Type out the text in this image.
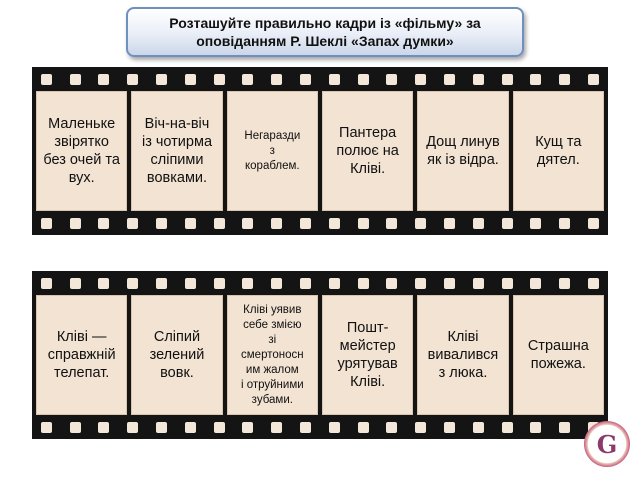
Розташуйте правильно кадри із «фільму» за
оповіданням Р. Шеклі «Запах думки»
Маленьке
звірятко
без очей та
вух.
Віч-на-віч
із чотирма
сліпими
вовками.
Негаразди
з
кораблем.
Пантера
полює на
Кліві.
Дощ линув
як із відра.
Кущ та
дятел.
Кліві —
справжній
телепат.
Сліпий
зелений
вовк.
Кліві уявив
себе змією
зі
смертоносн
им жалом
і отруйними
зубами.
Пошт-
мейстер
урятував
Кліві.
Кліві
вивалився
з люка.
Страшна
пожежа.
G
